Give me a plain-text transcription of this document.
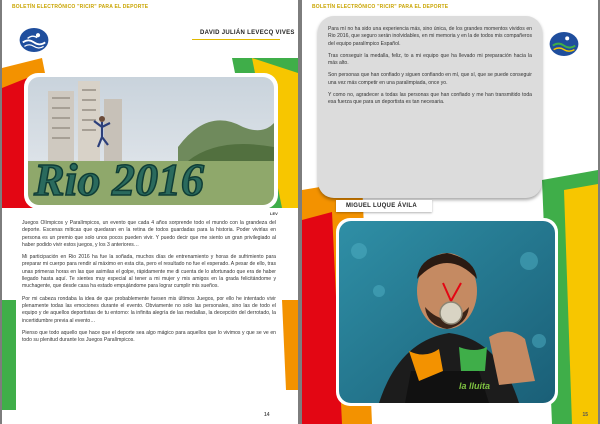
BOLETÍN ELECTRÓNICO "RICIR" PARA EL DEPORTE
DAVID JULIÁN LEVECQ VIVES
Rio 2016
LEV

Juegos Olímpicos y Paralímpicos, un evento que cada 4 años sorprende todo el mundo con la grandeza del deporte. Escenas míticas que quedaran en la retina de todos guardadas para la historia. Poder vivirlas en persona es un premio que solo unos pocos pueden vivir. Y puedo decir que me siento un gran privilegiado al haber podido vivir estos juegos, y los 3 anteriores…

Mi participación en Rio 2016 ha fue la soñada, muchos días de entrenamiento y horas de sufrimiento para preparar mi cuerpo para rendir al máximo en esta cita, pero el resultado no fue el esperado. A pesar de ello, tras unas primeras horas en las que asimilas el golpe, rápidamente me di cuenta de lo afortunado que era de haber llegado hasta aquí. Te sientes muy especial al tener a mi mujer y mis amigos en la grada felicitándome y muchagente, que desde casa ha estado empujándome para lograr cumplir mis sueños.

Por mi cabeza rondaba la idea de que probablemente fuesen mis últimos Juegos, por ello he intentado vivir plenamente todas las emociones durante el evento. Obviamente no solo las personales, sino las de todo el equipo y de aquellos deportistas de tu entorno: la infinita alegría de las medallas, la decepción del derrotado, la incertidumbre previa al evento…

Pienso que todo aquello que hace que el deporte sea algo mágico para aquellos que lo vivimos y que se ve en todo su plenitud durante los Juegos Paralímpicos.

14
BOLETÍN ELECTRÓNICO "RICIR" PARA EL DEPORTE

Para mí no ha sido una experiencia más, sino única, de los grandes momentos vividos en Rio 2016, que seguro serán inolvidables, en mi memoria y en la de todos mis compañeros del equipo paralímpico Español.

Tras conseguir la medalla, feliz, to a mi equipo que ha llevado mi preparación hacia la más alto.

Son personas que han confiado y siguen confiando en mí, que sí, que se puede conseguir una vez más competir en una paralimpiada, once yo.

Y como no, agradecer a todas las personas que han confiado y me han transmitido toda esa fuerza que para un deportista es tan necesaria.

MIGUEL LUQUE ÁVILA
la lluita
15
